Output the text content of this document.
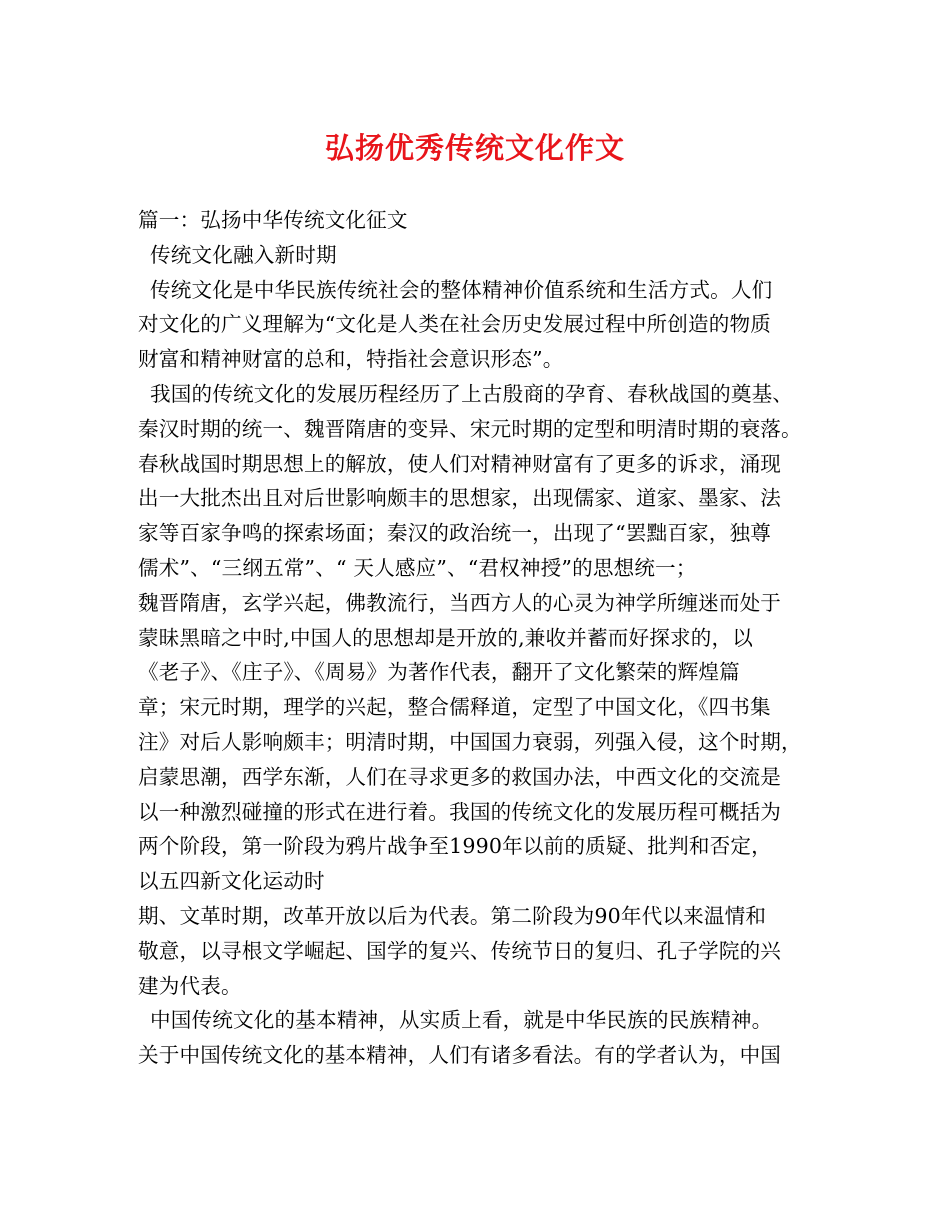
弘扬优秀传统文化作文
篇一：弘扬中华传统文化征文
传统文化融入新时期
传统文化是中华民族传统社会的整体精神价值系统和生活方式。人们
对文化的广义理解为“文化是人类在社会历史发展过程中所创造的物质
财富和精神财富的总和，特指社会意识形态”。
我国的传统文化的发展历程经历了上古殷商的孕育、春秋战国的奠基、
秦汉时期的统一、魏晋隋唐的变异、宋元时期的定型和明清时期的衰落。
春秋战国时期思想上的解放，使人们对精神财富有了更多的诉求，涌现
出一大批杰出且对后世影响颇丰的思想家，出现儒家、道家、墨家、法
家等百家争鸣的探索场面；秦汉的政治统一，出现了“罢黜百家，独尊
儒术”、“三纲五常”、“ 天人感应”、“君权神授”的思想统一；
魏晋隋唐，玄学兴起，佛教流行，当西方人的心灵为神学所缠迷而处于
蒙昧黑暗之中时,中国人的思想却是开放的,兼收并蓄而好探求的，以
《老子》、《庄子》、《周易》为著作代表，翻开了文化繁荣的辉煌篇
章；宋元时期，理学的兴起，整合儒释道，定型了中国文化，《四书集
注》对后人影响颇丰；明清时期，中国国力衰弱，列强入侵，这个时期，
启蒙思潮，西学东渐，人们在寻求更多的救国办法，中西文化的交流是
以一种激烈碰撞的形式在进行着。我国的传统文化的发展历程可概括为
两个阶段，第一阶段为鸦片战争至1990年以前的质疑、批判和否定，
以五四新文化运动时
期、文革时期，改革开放以后为代表。第二阶段为90年代以来温情和
敬意，以寻根文学崛起、国学的复兴、传统节日的复归、孔子学院的兴
建为代表。
中国传统文化的基本精神，从实质上看，就是中华民族的民族精神。
关于中国传统文化的基本精神，人们有诸多看法。有的学者认为，中国
